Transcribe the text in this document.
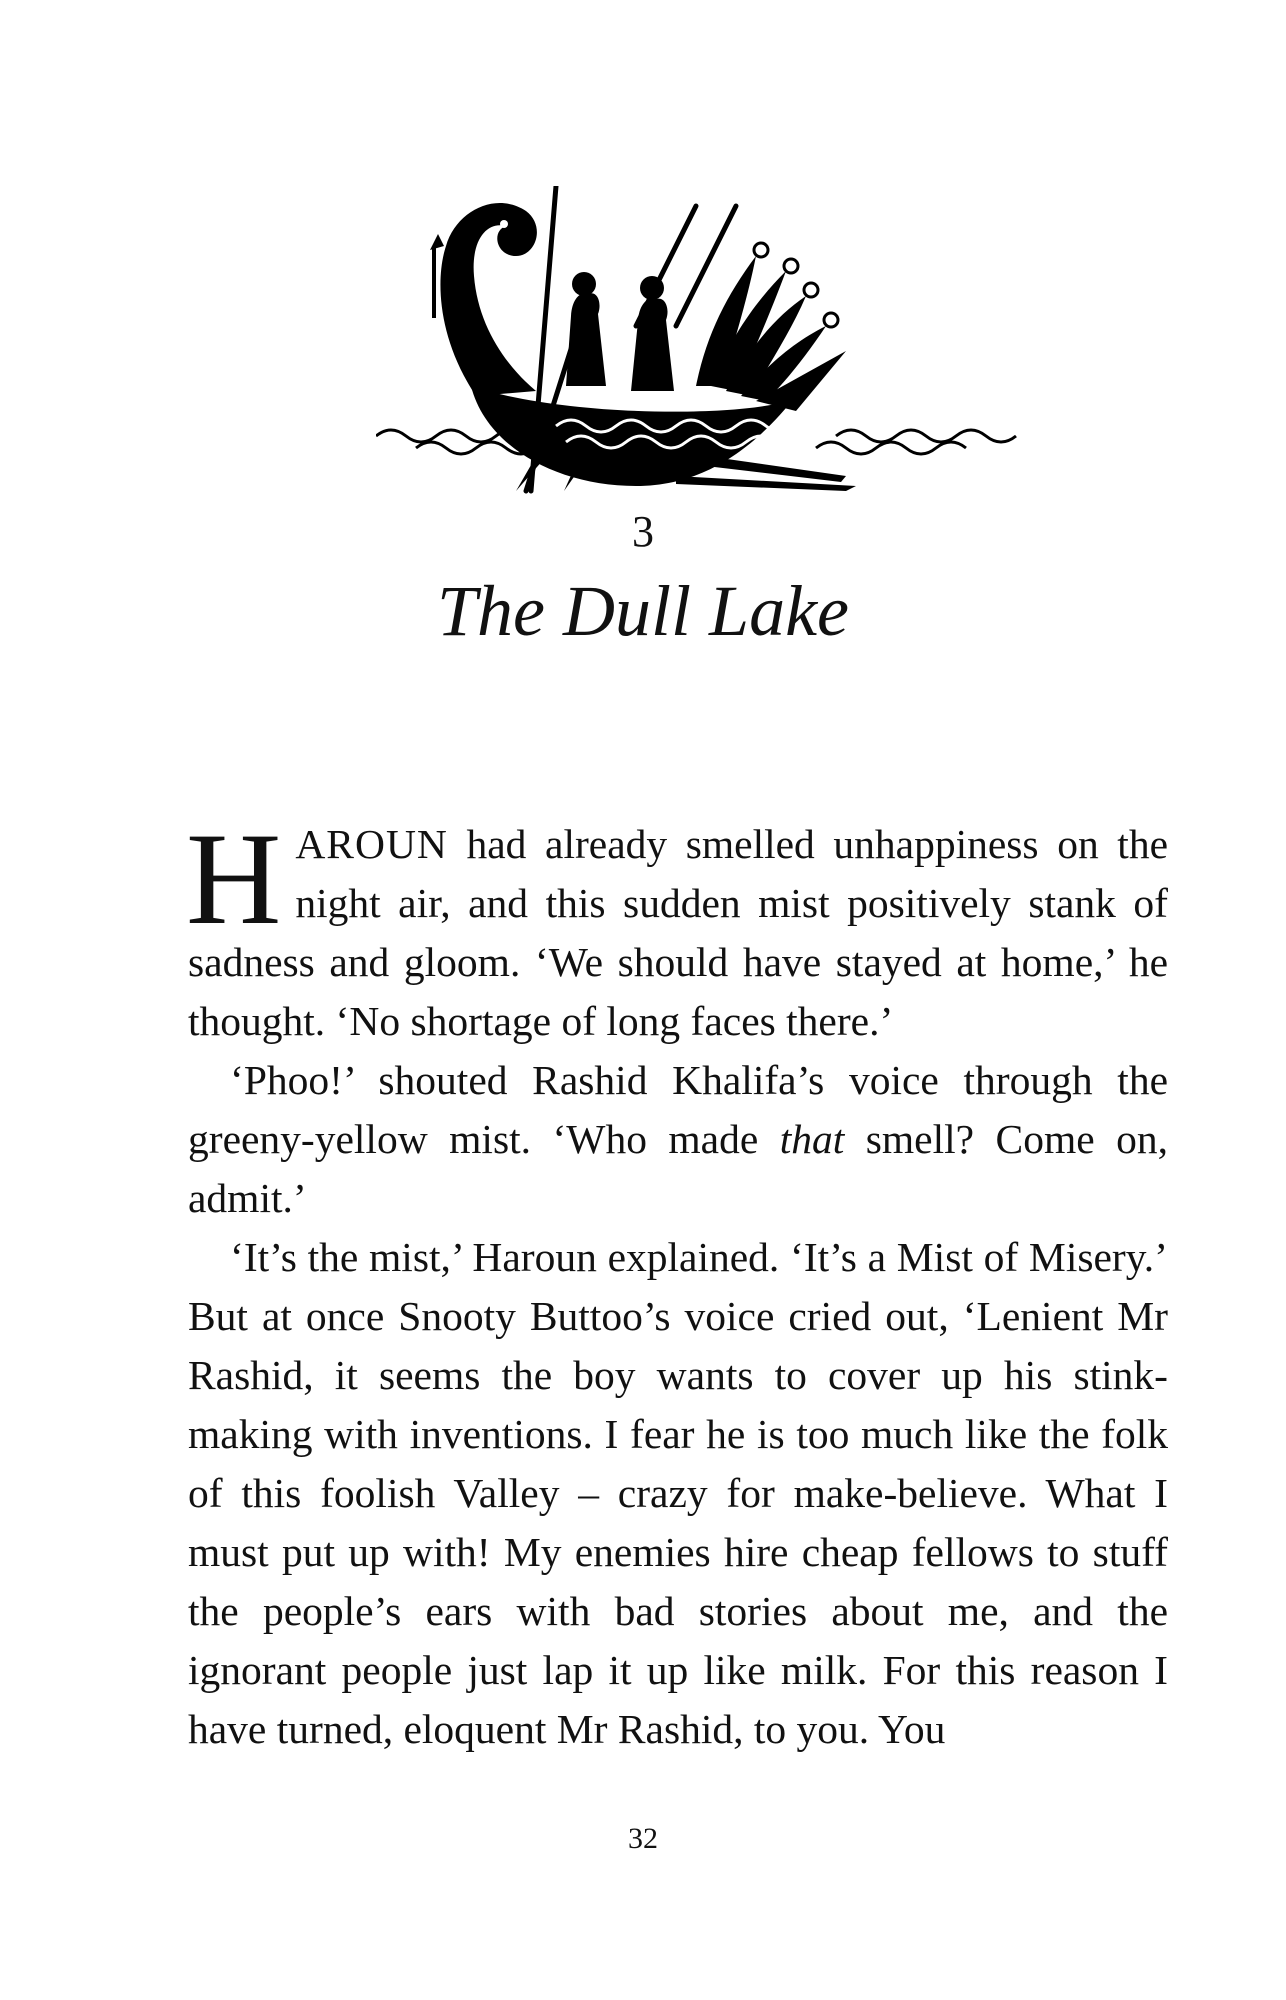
3
The Dull Lake

HAROUN had already smelled unhappiness on the night air, and this sudden mist positively stank of sadness and gloom. ‘We should have stayed at home,’ he thought. ‘No shortage of long faces there.’

‘Phoo!’ shouted Rashid Khalifa’s voice through the greeny-yellow mist. ‘Who made that smell? Come on, admit.’

‘It’s the mist,’ Haroun explained. ‘It’s a Mist of Misery.’ But at once Snooty Buttoo’s voice cried out, ‘Lenient Mr Rashid, it seems the boy wants to cover up his stink-making with inventions. I fear he is too much like the folk of this foolish Valley – crazy for make-believe. What I must put up with! My enemies hire cheap fellows to stuff the people’s ears with bad stories about me, and the ignorant people just lap it up like milk. For this reason I have turned, eloquent Mr Rashid, to you. You

32
